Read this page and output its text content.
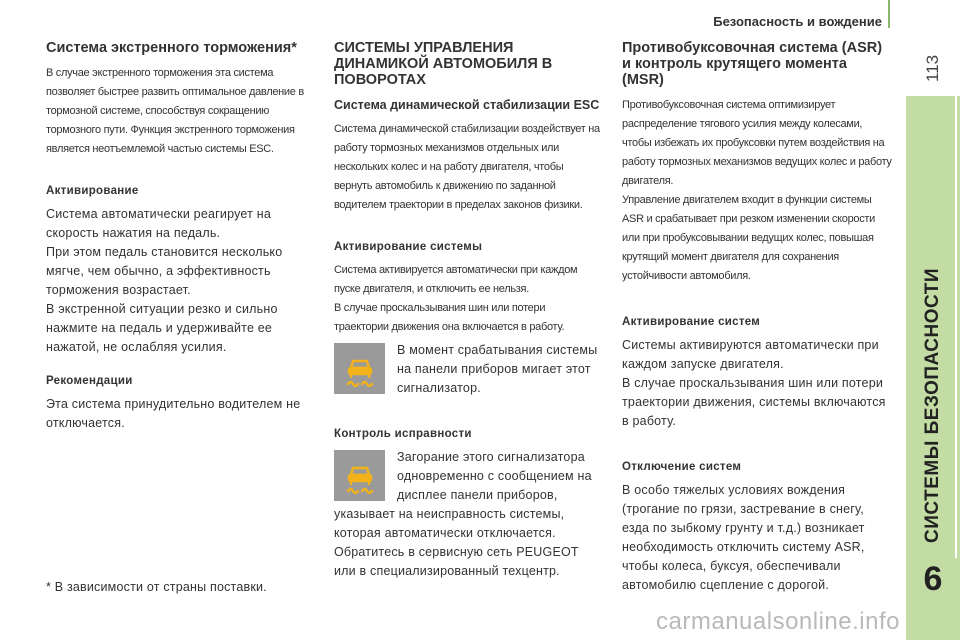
Безопасность и вождение
113
СИСТЕМЫ БЕЗОПАСНОСТИ
6
Система экстренного торможения*

В случае экстренного торможения эта система позволяет быстрее развить оптимальное давление в тормозной системе, способствуя сокращению тормозного пути. Функция экстренного торможения является неотъемлемой частью системы ESC.

Активирование

Система автоматически реагирует на скорость нажатия на педаль.

При этом педаль становится несколько мягче, чем обычно, а эффективность торможения возрастает.

В экстренной ситуации резко и сильно нажмите на педаль и удерживайте ее нажатой, не ослабляя усилия.

Рекомендации

Эта система принудительно водителем не отключается.

СИСТЕМЫ УПРАВЛЕНИЯ ДИНАМИКОЙ АВТОМОБИЛЯ В ПОВОРОТАХ
Система динамической стабилизации ESC

Система динамической стабилизации воздействует на работу тормозных механизмов отдельных или нескольких колес и на работу двигателя, чтобы вернуть автомобиль к движению по заданной водителем траектории в пределах законов физики.

Активирование системы

Система активируется автоматически при каждом пуске двигателя, и отключить ее нельзя.

В случае проскальзывания шин или потери траектории движения она включается в работу.

В момент срабатывания системы на панели приборов мигает этот сигнализатор.

Контроль исправности

Загорание этого сигнализатора одновременно с сообщением на дисплее панели приборов, указывает на неисправность системы, которая автоматически отключается.

Обратитесь в сервисную сеть PEUGEOT или в специализированный техцентр.

Противобуксовочная система (ASR) и контроль крутящего момента (MSR)

Противобуксовочная система оптимизирует распределение тягового усилия между колесами, чтобы избежать их пробуксовки путем воздействия на работу тормозных механизмов ведущих колес и работу двигателя.

Управление двигателем входит в функции системы ASR и срабатывает при резком изменении скорости или при пробуксовывании ведущих колес, повышая крутящий момент двигателя для сохранения устойчивости автомобиля.

Активирование систем

Системы активируются автоматически при каждом запуске двигателя.

В случае проскальзывания шин или потери траектории движения, системы включаются в работу.

Отключение систем

В особо тяжелых условиях вождения (трогание по грязи, застревание в снегу, езда по зыбкому грунту и т.д.) возникает необходимость отключить систему ASR, чтобы колеса, буксуя, обеспечивали автомобилю сцепление с дорогой.

* В зависимости от страны поставки.
carmanualsonline.info
